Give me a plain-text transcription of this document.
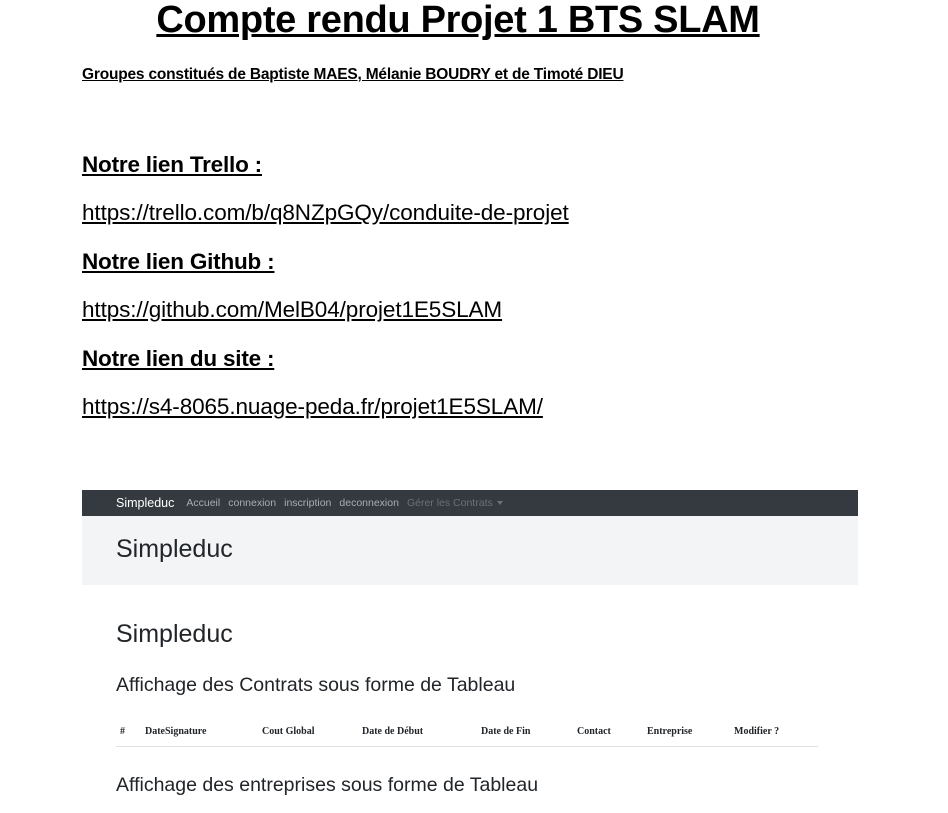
Compte rendu Projet 1 BTS SLAM
Groupes constitués de Baptiste MAES, Mélanie BOUDRY et de Timoté DIEU
Notre lien Trello :
https://trello.com/b/q8NZpGQy/conduite-de-projet
Notre lien Github :
https://github.com/MelB04/projet1E5SLAM
Notre lien du site :
https://s4-8065.nuage-peda.fr/projet1E5SLAM/
Simpleduc Accueil connexion inscription deconnexion Gérer les Contrats
Simpleduc
Simpleduc
Affichage des Contrats sous forme de Tableau
# DateSignature	Cout Global	Date de Début	Date de Fin	Contact	Entreprise	Modifier ?
Affichage des entreprises sous forme de Tableau
